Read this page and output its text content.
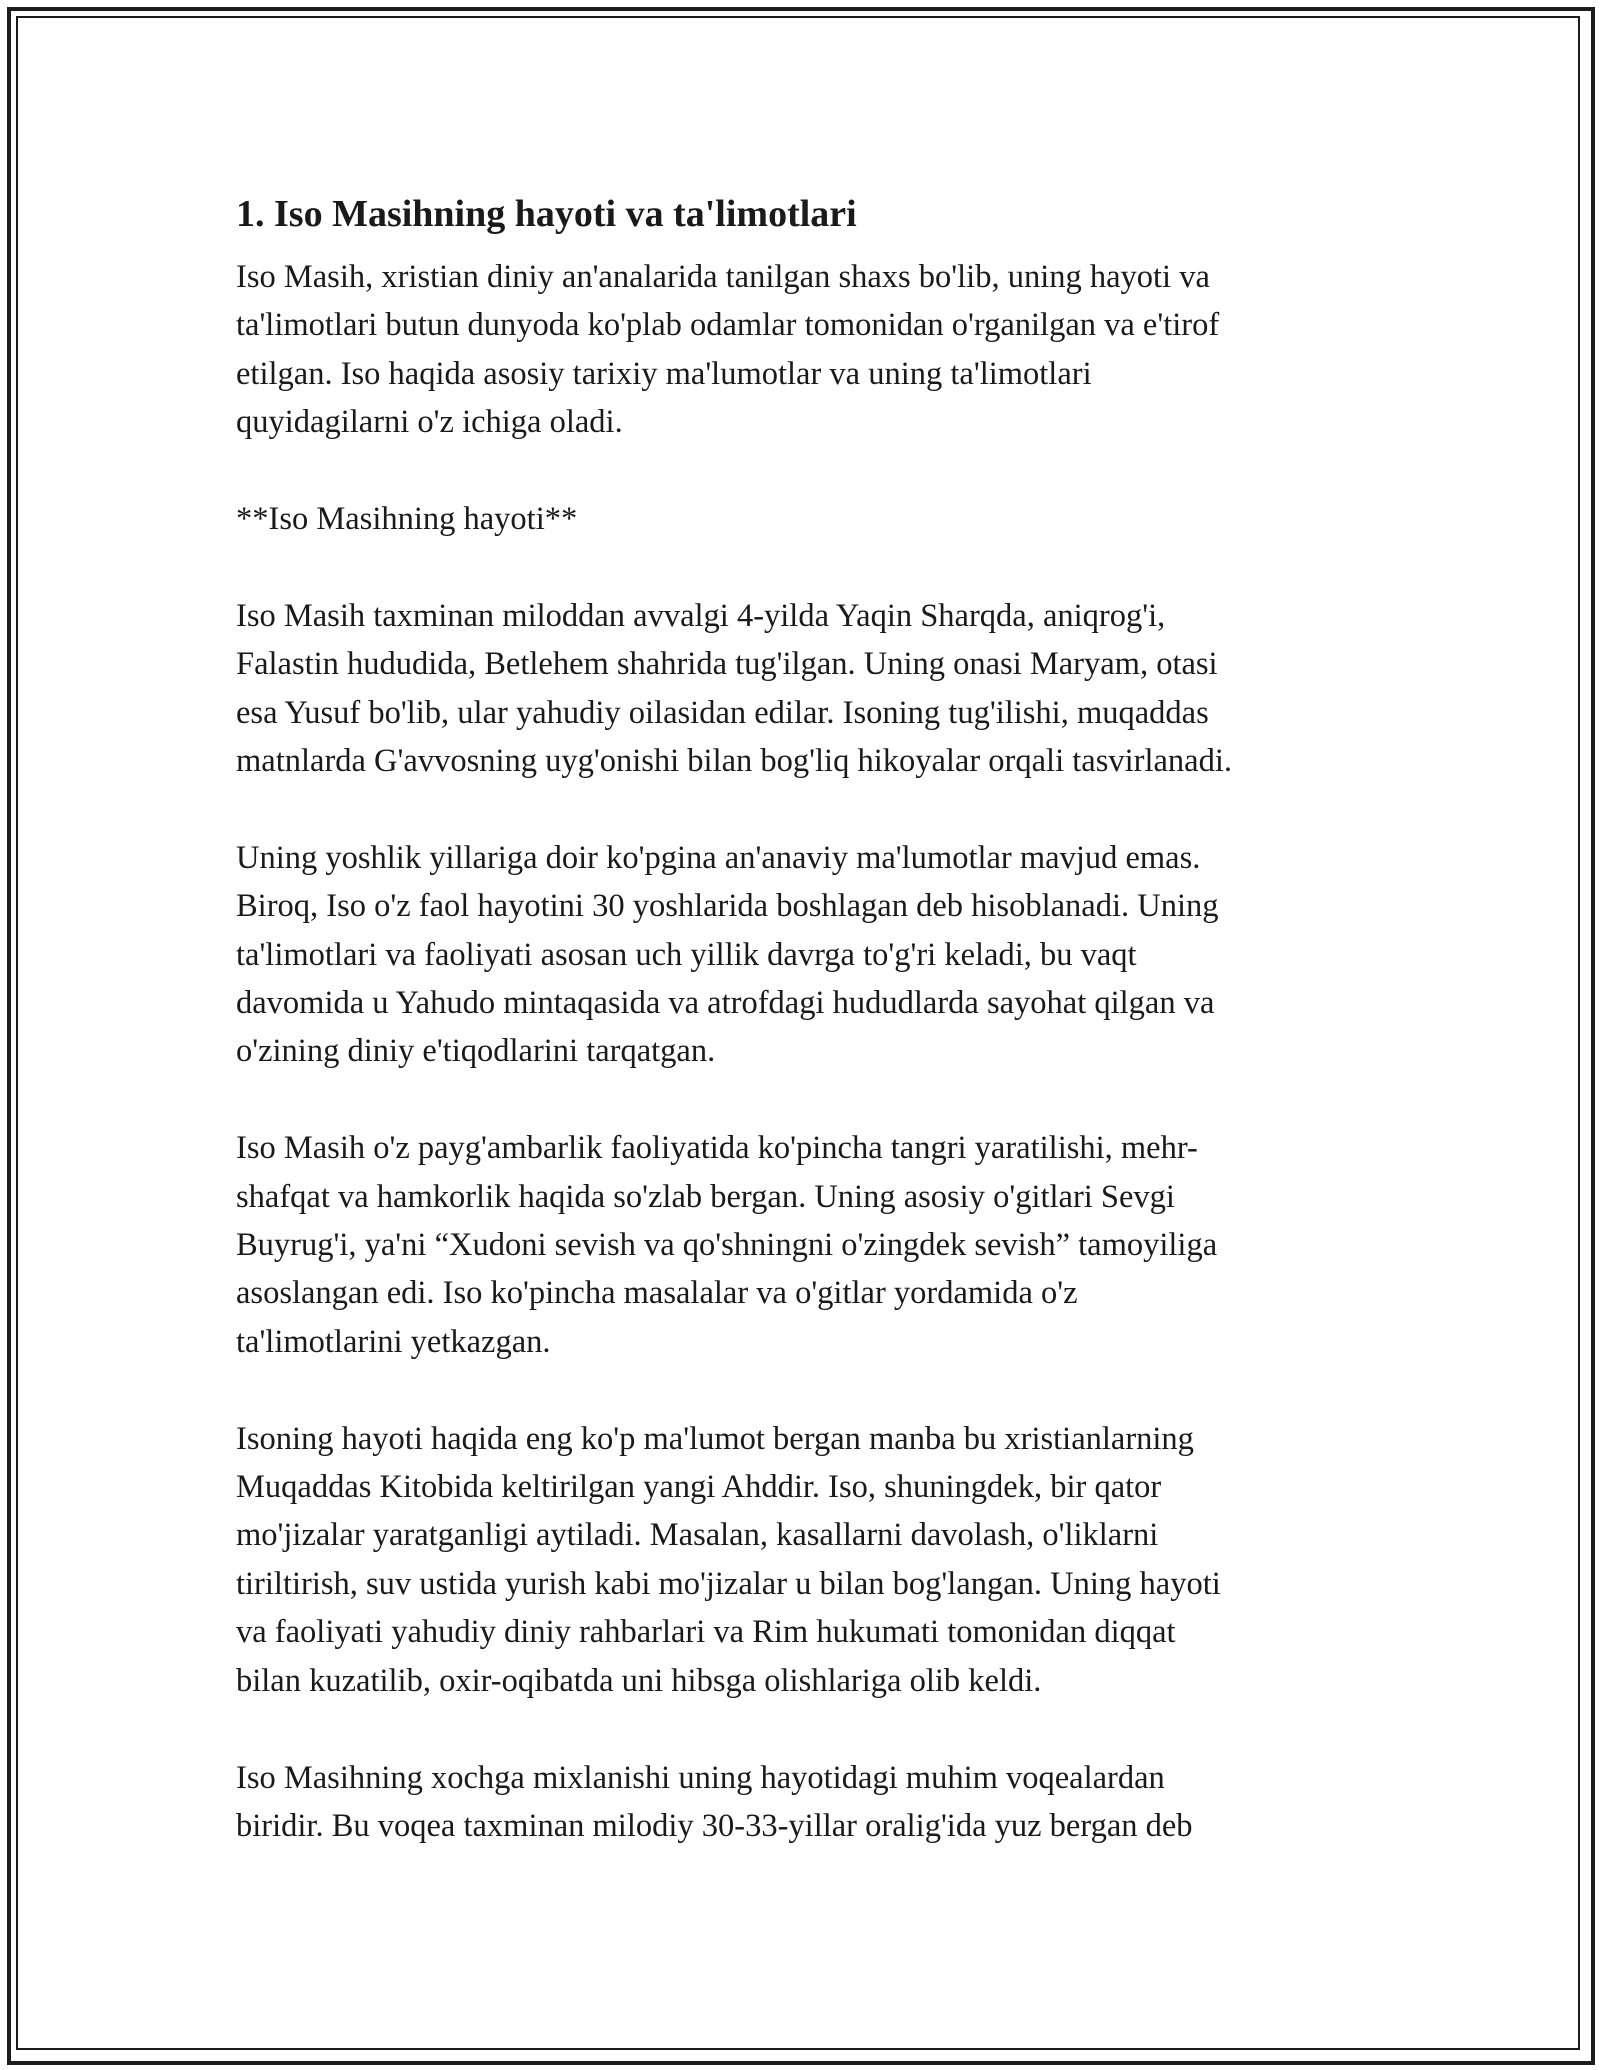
1. Iso Masihning hayoti va ta'limotlari

Iso Masih, xristian diniy an'analarida tanilgan shaxs bo'lib, uning hayoti va
ta'limotlari butun dunyoda ko'plab odamlar tomonidan o'rganilgan va e'tirof
etilgan. Iso haqida asosiy tarixiy ma'lumotlar va uning ta'limotlari
quyidagilarni o'z ichiga oladi.

**Iso Masihning hayoti**

Iso Masih taxminan miloddan avvalgi 4-yilda Yaqin Sharqda, aniqrog'i,
Falastin hududida, Betlehem shahrida tug'ilgan. Uning onasi Maryam, otasi
esa Yusuf bo'lib, ular yahudiy oilasidan edilar. Isoning tug'ilishi, muqaddas
matnlarda G'avvosning uyg'onishi bilan bog'liq hikoyalar orqali tasvirlanadi.

Uning yoshlik yillariga doir ko'pgina an'anaviy ma'lumotlar mavjud emas.
Biroq, Iso o'z faol hayotini 30 yoshlarida boshlagan deb hisoblanadi. Uning
ta'limotlari va faoliyati asosan uch yillik davrga to'g'ri keladi, bu vaqt
davomida u Yahudo mintaqasida va atrofdagi hududlarda sayohat qilgan va
o'zining diniy e'tiqodlarini tarqatgan.

Iso Masih o'z payg'ambarlik faoliyatida ko'pincha tangri yaratilishi, mehr-
shafqat va hamkorlik haqida so'zlab bergan. Uning asosiy o'gitlari Sevgi
Buyrug'i, ya'ni “Xudoni sevish va qo'shningni o'zingdek sevish” tamoyiliga
asoslangan edi. Iso ko'pincha masalalar va o'gitlar yordamida o'z
ta'limotlarini yetkazgan.

Isoning hayoti haqida eng ko'p ma'lumot bergan manba bu xristianlarning
Muqaddas Kitobida keltirilgan yangi Ahddir. Iso, shuningdek, bir qator
mo'jizalar yaratganligi aytiladi. Masalan, kasallarni davolash, o'liklarni
tiriltirish, suv ustida yurish kabi mo'jizalar u bilan bog'langan. Uning hayoti
va faoliyati yahudiy diniy rahbarlari va Rim hukumati tomonidan diqqat
bilan kuzatilib, oxir-oqibatda uni hibsga olishlariga olib keldi.

Iso Masihning xochga mixlanishi uning hayotidagi muhim voqealardan
biridir. Bu voqea taxminan milodiy 30-33-yillar oralig'ida yuz bergan deb
